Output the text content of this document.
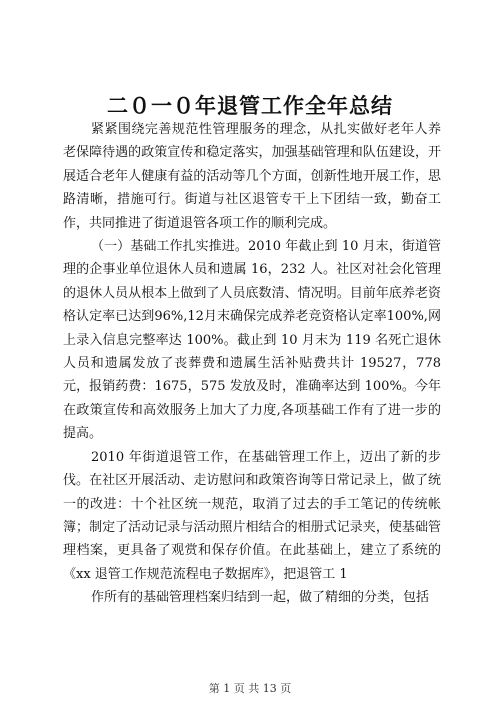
二０一０年退管工作全年总结

紧紧围绕完善规范性管理服务的理念，从扎实做好老年人养老保障待遇的政策宣传和稳定落实，加强基础管理和队伍建设，开展适合老年人健康有益的活动等几个方面，创新性地开展工作，思路清晰，措施可行。街道与社区退管专干上下团结一致，勤奋工作，共同推进了街道退管各项工作的顺利完成。

（一）基础工作扎实推进。2010 年截止到 10 月末，街道管理的企事业单位退休人员和遗属 16，232 人。社区对社会化管理的退休人员从根本上做到了人员底数清、情况明。目前年底养老资格认定率已达到96%,12月末确保完成养老竞资格认定率100%,网上录入信息完整率达 100%。截止到 10 月末为 119 名死亡退休人员和遗属发放了丧葬费和遗属生活补贴费共计 19527，778 元，报销药费：1675，575 发放及时，准确率达到 100%。今年在政策宣传和高效服务上加大了力度,各项基础工作有了进一步的提高。

2010 年街道退管工作，在基础管理工作上，迈出了新的步伐。在社区开展活动、走访慰问和政策咨询等日常记录上，做了统一的改进：十个社区统一规范，取消了过去的手工笔记的传统帐簿；制定了活动记录与活动照片相结合的相册式记录夹，使基础管理档案，更具备了观赏和保存价值。在此基础上，建立了系统的《xx 退管工作规范流程电子数据库》，把退管工 1

作所有的基础管理档案归结到一起，做了精细的分类，包括

第 1 页 共 13 页
